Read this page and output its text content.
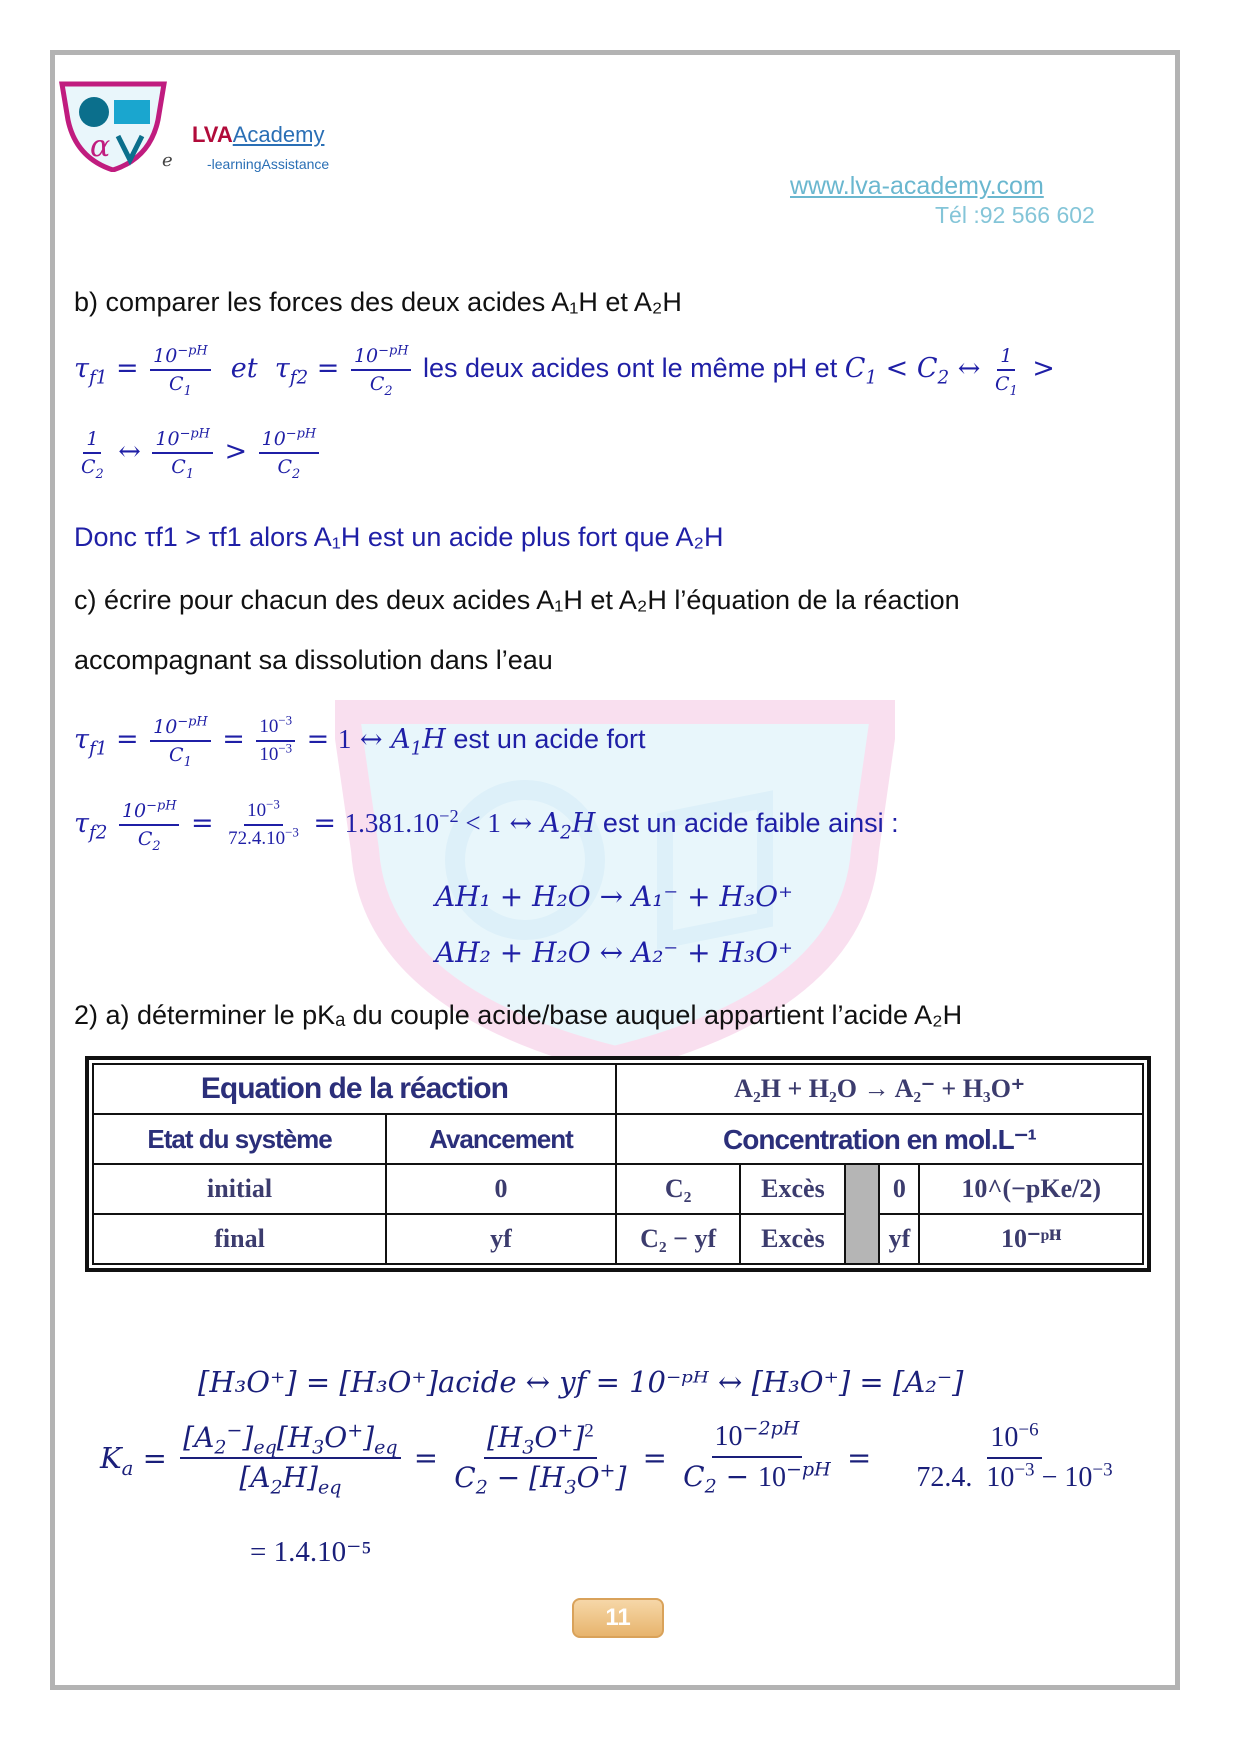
α	LVAAcademy
e -learningAssistance
www.lva-academy.com
Tél :92 566 602
b) comparer les forces des deux acides A₁H et A₂H
$\tau_{f1} = \frac{10^{-pH}}{C_1}$ et  $\tau_{f2} = \frac{10^{-pH}}{C_2}$ les deux acides ont le même pH et $C_1 < C_2$ ↔ $\frac{1}{C_1}$ >
$\frac{1}{C_2}$ ↔ $\frac{10^{-pH}}{C_1} > \frac{10^{-pH}}{C_2}$
Donc τf1 > τf1 alors A₁H est un acide plus fort que A₂H
c) écrire pour chacun des deux acides A₁H et A₂H l’équation de la réaction
accompagnant sa dissolution dans l’eau
$\tau_{f1} = \frac{10^{-pH}}{C_1} = \frac{10^{-3}}{10^{-3}} = 1$ ↔ $A_1H$ est un acide fort
$\tau_{f2} \frac{10^{-pH}}{C_2} = \frac{10^{-3}}{72.4.10^{-3}} = 1.381.10^{-2} < 1$ ↔ $A_2H$ est un acide faible ainsi :
AH₁ + H₂O → A₁⁻ + H₃O⁺
AH₂ + H₂O ↔ A₂⁻ + H₃O⁺
2) a) déterminer le pKₐ du couple acide/base auquel appartient l’acide A₂H
Equation de la réaction		A₂H + H₂O → A₂⁻ + H₃O⁺				
Etat du système	Avancement	Concentration en mol.L⁻¹				
initial	0	C₂	Excès		0	10^(−pKe/2)
final	yf	C₂ − yf	Excès		yf	10⁻ᵖᴴ
[H₃O⁺] = [H₃O⁺]acide ↔ yf = 10⁻ᵖᴴ ↔ [H₃O⁺] = [A₂⁻]
$K_a = \frac{[A_2^-]_{eq}[H_3O^+]_{eq}}{[A_2H]_{eq}} = \frac{[H_3O^+]^2}{C_2 - [H_3O^+]} = \frac{10^{-2pH}}{C_2 - 10^{-pH}} = \frac{10^{-6}}{72.4. 10^{-3} - 10^{-3}}$
= 1.4.10⁻⁵
11
